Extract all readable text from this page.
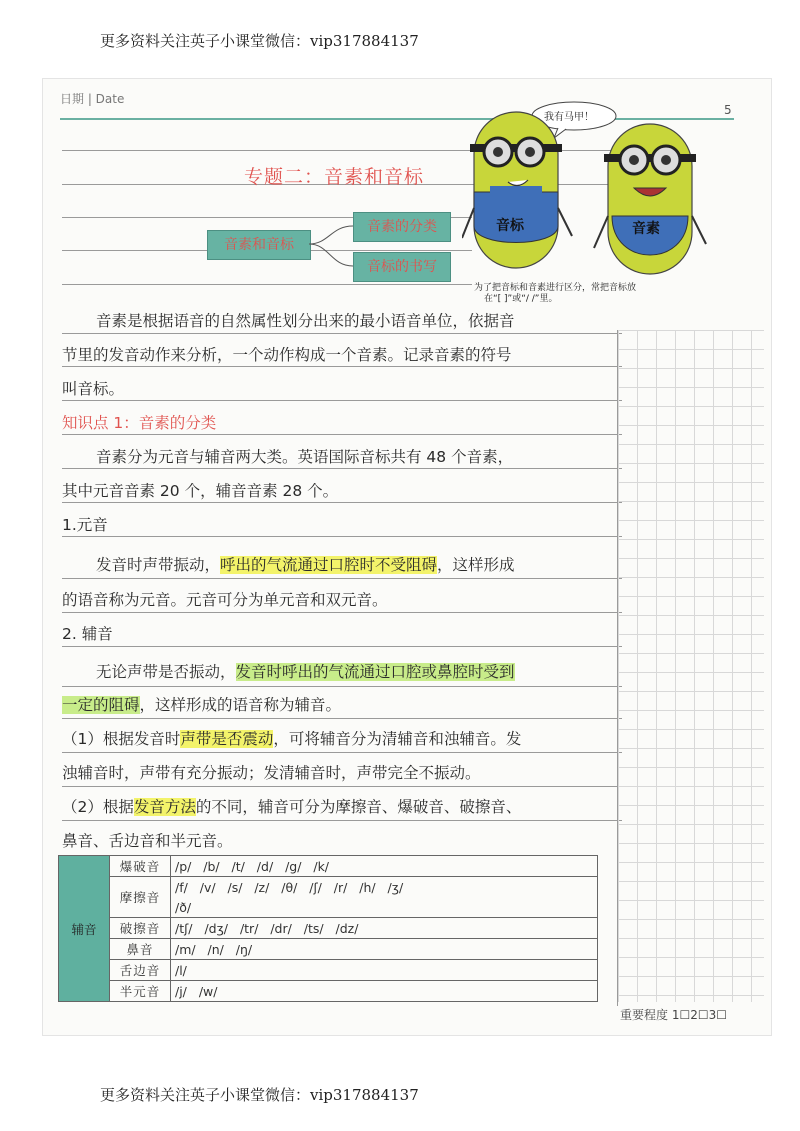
更多资料关注英子小课堂微信：vip317884137
日期 | Date
5
专题二：音素和音标
音素和音标
音素的分类
音标的书写
我有马甲！
音标	音素
为了把音标和音素进行区分，常把音标放
在“[ ]”或“/ /”里。
音素是根据语音的自然属性划分出来的最小语音单位，依据音
节里的发音动作来分析，一个动作构成一个音素。记录音素的符号
叫音标。
知识点 1：音素的分类
音素分为元音与辅音两大类。英语国际音标共有 48 个音素，
其中元音音素 20 个，辅音音素 28 个。
1.元音
发音时声带振动，呼出的气流通过口腔时不受阻碍，这样形成
的语音称为元音。元音可分为单元音和双元音。
2. 辅音
无论声带是否振动，发音时呼出的气流通过口腔或鼻腔时受到
一定的阻碍，这样形成的语音称为辅音。
（1）根据发音时声带是否震动，可将辅音分为清辅音和浊辅音。发
浊辅音时，声带有充分振动；发清辅音时，声带完全不振动。
（2）根据发音方法的不同，辅音可分为摩擦音、爆破音、破擦音、
鼻音、舌边音和半元音。
辅音	爆破音	/p/   /b/   /t/   /d/   /g/   /k/
	摩擦音	/f/   /v/   /s/   /z/   /θ/   /ʃ/   /r/   /h/   /ʒ/
		/ð/
	破擦音	/tʃ/   /dʒ/   /tr/   /dr/   /ts/   /dz/
	鼻音	/m/   /n/   /ŋ/
	舌边音	/l/
	半元音	/j/   /w/
重要程度 1☐2☐3☐
更多资料关注英子小课堂微信：vip317884137
